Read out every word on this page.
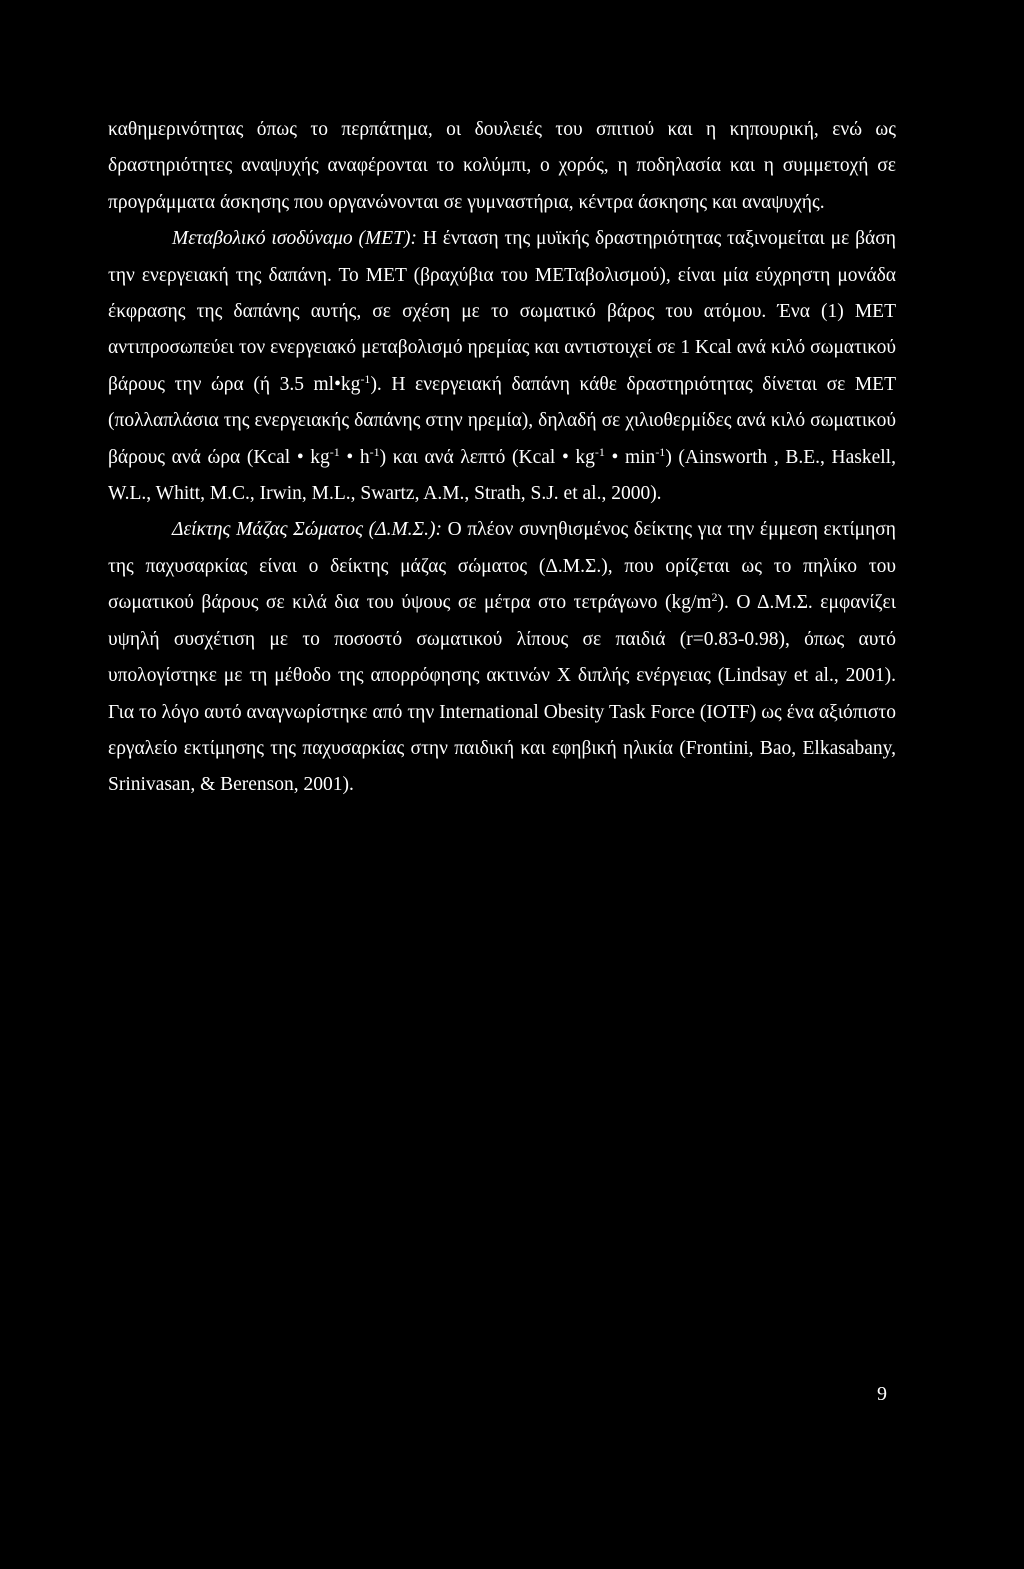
καθημερινότητας όπως το περπάτημα, οι δουλειές του σπιτιού και η κηπουρική, ενώ ως δραστηριότητες αναψυχής αναφέρονται το κολύμπι, ο χορός, η ποδηλασία και η συμμετοχή σε προγράμματα άσκησης που οργανώνονται σε γυμναστήρια, κέντρα άσκησης και αναψυχής.

Μεταβολικό ισοδύναμο (ΜΕΤ): Η ένταση της μυϊκής δραστηριότητας ταξινομείται με βάση την ενεργειακή της δαπάνη. Το ΜΕΤ (βραχύβια του ΜΕΤαβολισμού), είναι μία εύχρηστη μονάδα έκφρασης της δαπάνης αυτής, σε σχέση με το σωματικό βάρος του ατόμου. Ένα (1) ΜΕΤ αντιπροσωπεύει τον ενεργειακό μεταβολισμό ηρεμίας και αντιστοιχεί σε 1 Kcal ανά κιλό σωματικού βάρους την ώρα (ή 3.5 $ml•kg^{-1}$). Η ενεργειακή δαπάνη κάθε δραστηριότητας δίνεται σε ΜΕΤ (πολλαπλάσια της ενεργειακής δαπάνης στην ηρεμία), δηλαδή σε χιλιοθερμίδες ανά κιλό σωματικού βάρους ανά ώρα (Kcal • $kg^{-1}$ • $h^{-1}$) και ανά λεπτό (Kcal • $kg^{-1}$ • $\min^{-1}$) (Ainsworth , B.E., Haskell, W.L., Whitt, M.C., Irwin, M.L., Swartz, A.M., Strath, S.J. et al., 2000).

Δείκτης Μάζας Σώματος (Δ.Μ.Σ.): Ο πλέον συνηθισμένος δείκτης για την έμμεση εκτίμηση της παχυσαρκίας είναι ο δείκτης μάζας σώματος (Δ.Μ.Σ.), που ορίζεται ως το πηλίκο του σωματικού βάρους σε κιλά δια του ύψους σε μέτρα στο τετράγωνο $(kg/m^2)$. Ο Δ.Μ.Σ. εμφανίζει υψηλή συσχέτιση με το ποσοστό σωματικού λίπους σε παιδιά (r=0.83-0.98), όπως αυτό υπολογίστηκε με τη μέθοδο της απορρόφησης ακτινών Χ διπλής ενέργειας (Lindsay et al., 2001). Για το λόγο αυτό αναγνωρίστηκε από την International Obesity Task Force (IOTF) ως ένα αξιόπιστο εργαλείο εκτίμησης της παχυσαρκίας στην παιδική και εφηβική ηλικία (Frontini, Bao, Elkasabany, Srinivasan, & Berenson, 2001).

9
